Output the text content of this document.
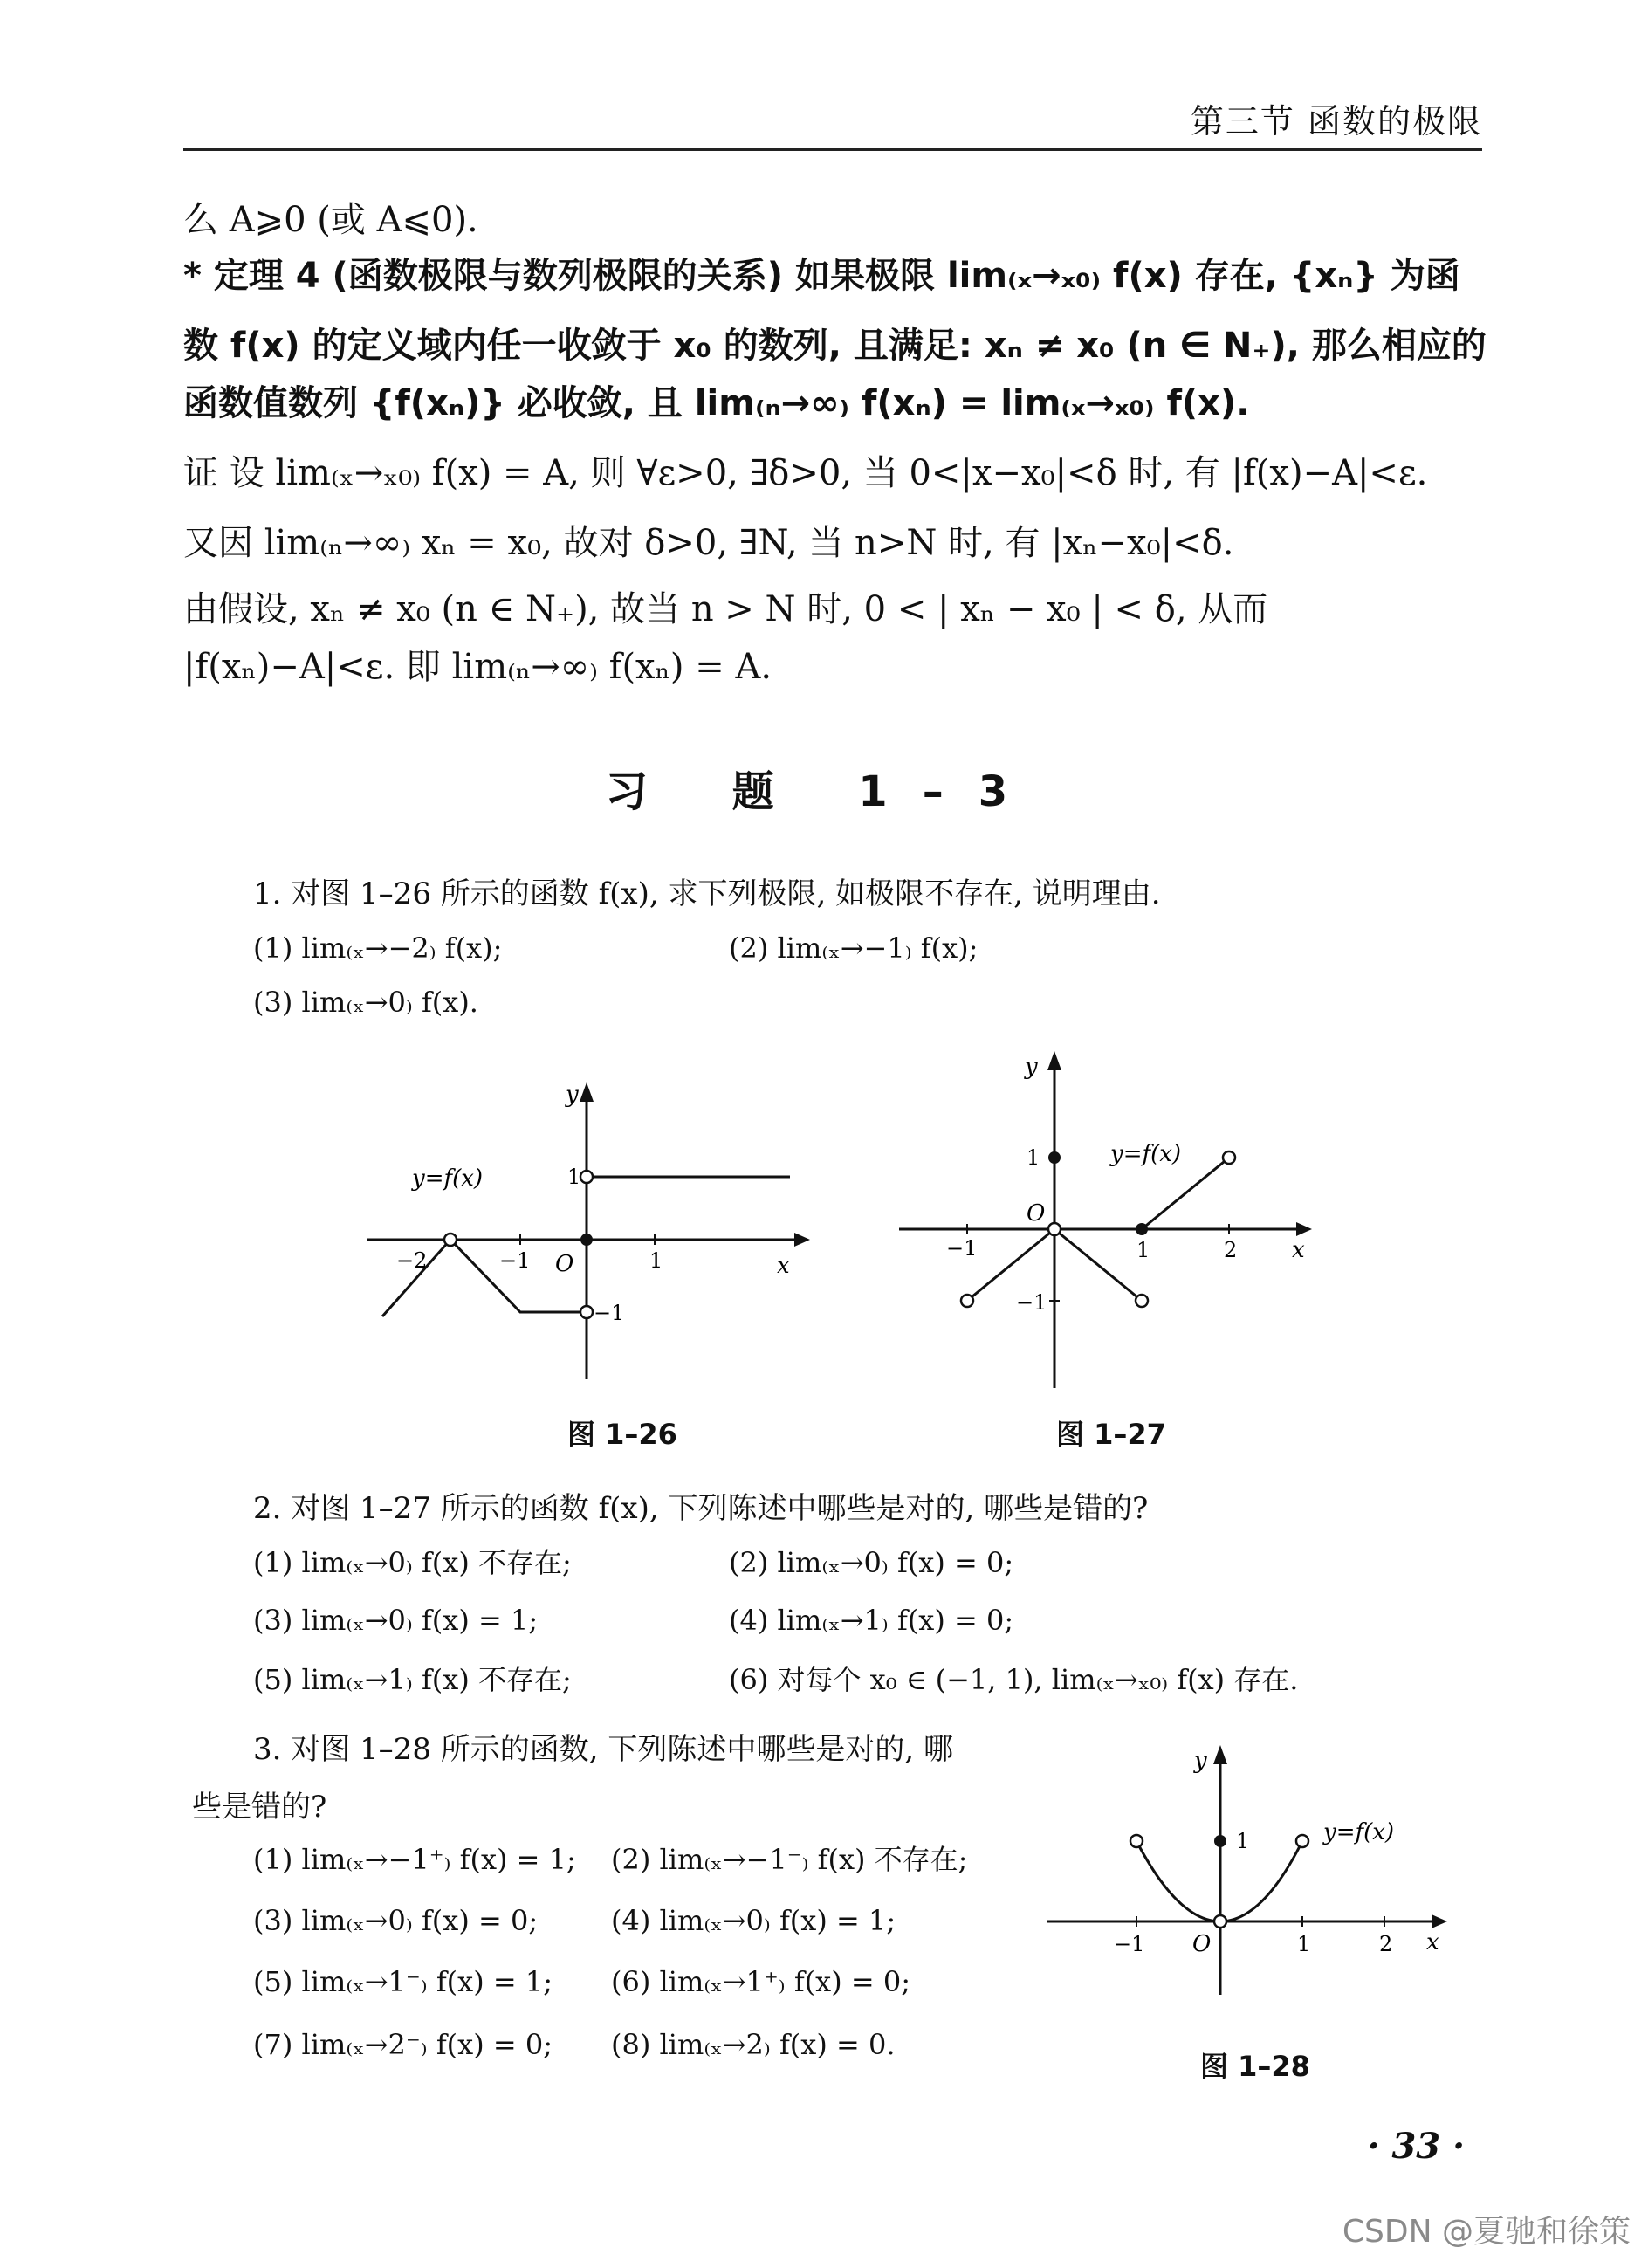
第三节 函数的极限
么 A⩾0 (或 A⩽0).
* 定理 4 (函数极限与数列极限的关系) 如果极限 lim₍ₓ→ₓ₀₎ f(x) 存在, {xₙ} 为函
数 f(x) 的定义域内任一收敛于 x₀ 的数列, 且满足: xₙ ≠ x₀ (n ∈ N₊), 那么相应的
函数值数列 {f(xₙ)} 必收敛, 且 lim₍ₙ→∞₎ f(xₙ) = lim₍ₓ→ₓ₀₎ f(x).
证 设 lim₍ₓ→ₓ₀₎ f(x) = A, 则 ∀ε>0, ∃δ>0, 当 0<|x−x₀|<δ 时, 有 |f(x)−A|<ε.
又因 lim₍ₙ→∞₎ xₙ = x₀, 故对 δ>0, ∃N, 当 n>N 时, 有 |xₙ−x₀|<δ.
由假设, xₙ ≠ x₀ (n ∈ N₊), 故当 n > N 时, 0 < | xₙ − x₀ | < δ, 从而
|f(xₙ)−A|<ε. 即 lim₍ₙ→∞₎ f(xₙ) = A.
习 题 1–3
1. 对图 1–26 所示的函数 f(x), 求下列极限, 如极限不存在, 说明理由.
(1) lim₍ₓ→−2₎ f(x);	(2) lim₍ₓ→−1₎ f(x);
(3) lim₍ₓ→0₎ f(x).
y
x
O
1
−1
−2	−1	1
y=f(x)
图 1–26
y
x
O
−1	1	2
1
−1
y=f(x)
图 1–27
2. 对图 1–27 所示的函数 f(x), 下列陈述中哪些是对的, 哪些是错的?
(1) lim₍ₓ→0₎ f(x) 不存在;	(2) lim₍ₓ→0₎ f(x) = 0;
(3) lim₍ₓ→0₎ f(x) = 1;	(4) lim₍ₓ→1₎ f(x) = 0;
(5) lim₍ₓ→1₎ f(x) 不存在;	(6) 对每个 x₀ ∈ (−1, 1), lim₍ₓ→ₓ₀₎ f(x) 存在.
3. 对图 1–28 所示的函数, 下列陈述中哪些是对的, 哪
些是错的?
(1) lim₍ₓ→−1⁺₎ f(x) = 1; (2) lim₍ₓ→−1⁻₎ f(x) 不存在;
(3) lim₍ₓ→0₎ f(x) = 0;	(4) lim₍ₓ→0₎ f(x) = 1;
(5) lim₍ₓ→1⁻₎ f(x) = 1; (6) lim₍ₓ→1⁺₎ f(x) = 0;
(7) lim₍ₓ→2⁻₎ f(x) = 0; (8) lim₍ₓ→2₎ f(x) = 0.
y
x
O
−1	1	2
1	y=f(x)
图 1–28
· 33 ·
CSDN @夏驰和徐策
